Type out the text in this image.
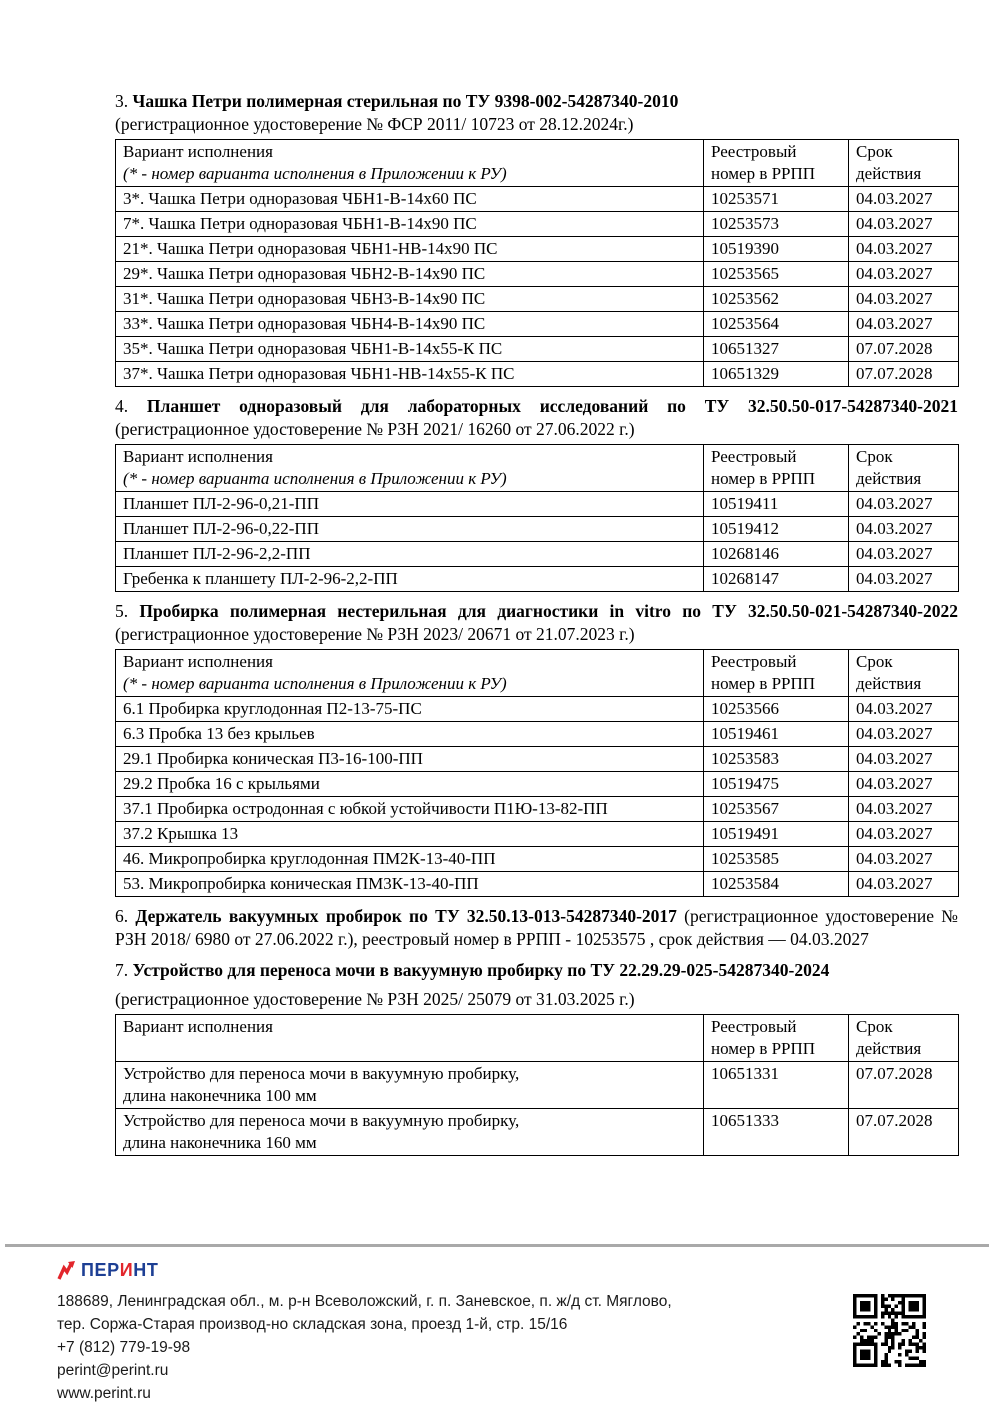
3. Чашка Петри полимерная стерильная по ТУ 9398-002-54287340-2010
(регистрационное удостоверение № ФСР 2011/ 10723 от 28.12.2024г.)

Вариант исполнения
(* - номер варианта исполнения в Приложении к РУ)	Реестровый номер в РРПП	Срок действия
3*. Чашка Петри одноразовая ЧБН1-В-14х60 ПС	10253571	04.03.2027
7*. Чашка Петри одноразовая ЧБН1-В-14х90 ПС	10253573	04.03.2027
21*. Чашка Петри одноразовая ЧБН1-НВ-14х90 ПС	10519390	04.03.2027
29*. Чашка Петри одноразовая ЧБН2-В-14х90 ПС	10253565	04.03.2027
31*. Чашка Петри одноразовая ЧБН3-В-14х90 ПС	10253562	04.03.2027
33*. Чашка Петри одноразовая ЧБН4-В-14х90 ПС	10253564	04.03.2027
35*. Чашка Петри одноразовая ЧБН1-В-14х55-К ПС	10651327	07.07.2028
37*. Чашка Петри одноразовая ЧБН1-НВ-14х55-К ПС	10651329	07.07.2028

4. Планшет одноразовый для лабораторных исследований по ТУ 32.50.50-017-54287340-2021 (регистрационное удостоверение № РЗН 2021/ 16260 от 27.06.2022 г.)

Вариант исполнения
(* - номер варианта исполнения в Приложении к РУ)	Реестровый номер в РРПП	Срок действия
Планшет ПЛ-2-96-0,21-ПП	10519411	04.03.2027
Планшет ПЛ-2-96-0,22-ПП	10519412	04.03.2027
Планшет ПЛ-2-96-2,2-ПП	10268146	04.03.2027
Гребенка к планшету ПЛ-2-96-2,2-ПП	10268147	04.03.2027

5. Пробирка полимерная нестерильная для диагностики in vitro по ТУ 32.50.50-021-54287340-2022 (регистрационное удостоверение № РЗН 2023/ 20671 от 21.07.2023 г.)

Вариант исполнения
(* - номер варианта исполнения в Приложении к РУ)	Реестровый номер в РРПП	Срок действия
6.1 Пробирка круглодонная П2-13-75-ПС	10253566	04.03.2027
6.3 Пробка 13 без крыльев	10519461	04.03.2027
29.1 Пробирка коническая П3-16-100-ПП	10253583	04.03.2027
29.2 Пробка 16 с крыльями	10519475	04.03.2027
37.1 Пробирка остродонная с юбкой устойчивости П1Ю-13-82-ПП	10253567	04.03.2027
37.2 Крышка 13	10519491	04.03.2027
46. Микропробирка круглодонная ПМ2К-13-40-ПП	10253585	04.03.2027
53. Микропробирка коническая ПМ3К-13-40-ПП	10253584	04.03.2027

6. Держатель вакуумных пробирок по ТУ 32.50.13-013-54287340-2017 (регистрационное удостоверение № РЗН 2018/ 6980 от 27.06.2022 г.), реестровый номер в РРПП - 10253575 , срок действия — 04.03.2027

7. Устройство для переноса мочи в вакуумную пробирку по ТУ 22.29.29-025-54287340-2024

(регистрационное удостоверение № РЗН 2025/ 25079 от 31.03.2025 г.)

Вариант исполнения	Реестровый номер в РРПП	Срок действия

Устройство для переноса мочи в вакуумную пробирку,
длина наконечника 100 мм	10651331	07.07.2028

Устройство для переноса мочи в вакуумную пробирку,
длина наконечника 160 мм	10651333	07.07.2028
ПЕРИНТ
188689, Ленинградская обл., м. р-н Всеволожский, г. п. Заневское, п. ж/д ст. Мяглово,
тер. Соржа-Старая производ-но складская зона, проезд 1-й, стр. 15/16
+7 (812) 779-19-98
perint@perint.ru
www.perint.ru
